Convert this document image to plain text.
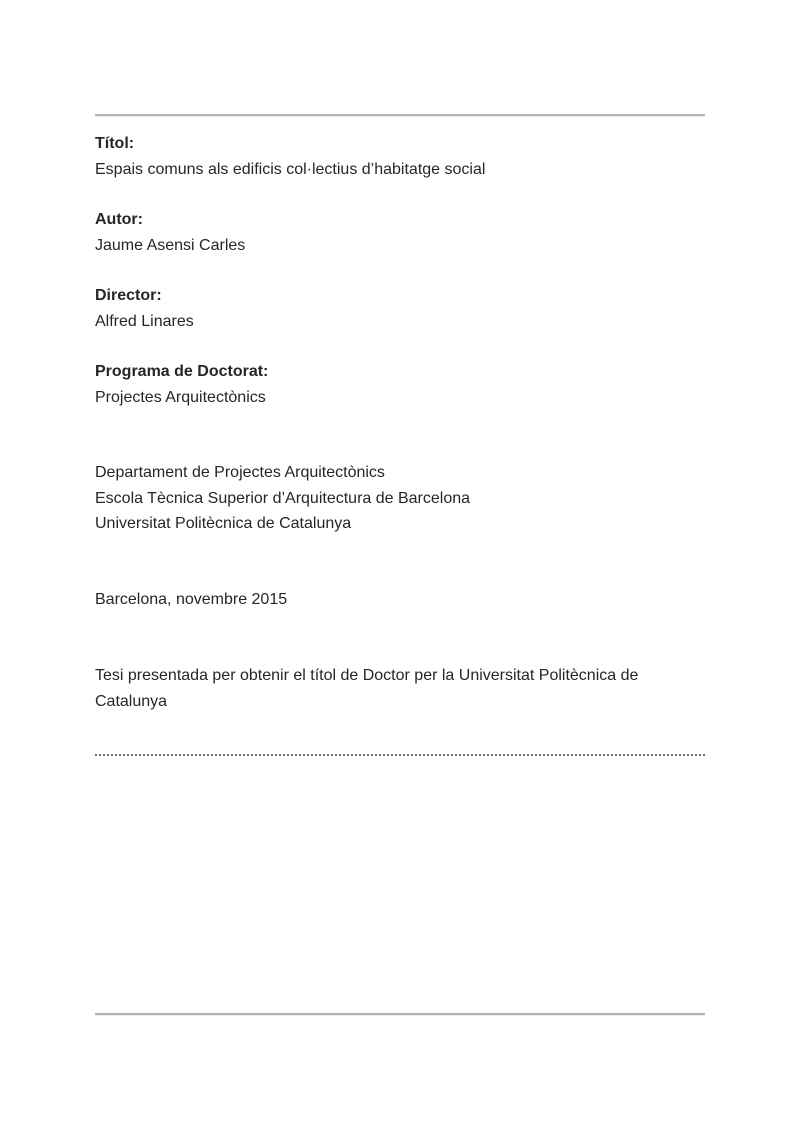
Títol:
Espais comuns als edificis col·lectius d’habitatge social
Autor:
Jaume Asensi Carles
Director:
Alfred Linares
Programa de Doctorat:
Projectes Arquitectònics
Departament de Projectes Arquitectònics
Escola Tècnica Superior d’Arquitectura de Barcelona
Universitat Politècnica de Catalunya
Barcelona, novembre 2015
Tesi presentada per obtenir el títol de Doctor per la Universitat Politècnica de Catalunya
